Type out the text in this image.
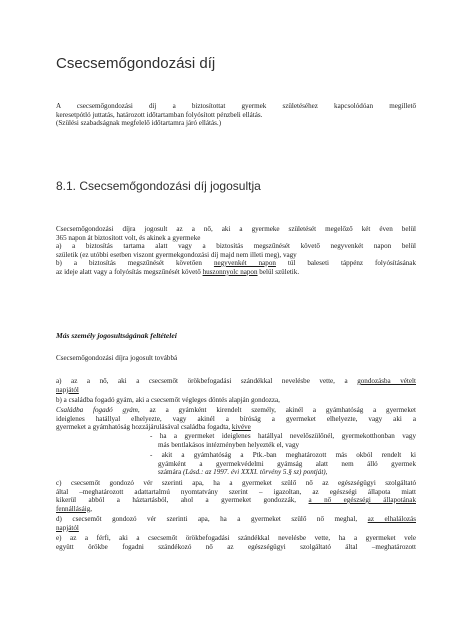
Csecsemőgondozási díj
A csecsemőgondozási díj a biztosítottat gyermek születéséhez kapcsolódóan megillető
keresetpótló juttatás, határozott időtartamban folyósított pénzbeli ellátás.
(Szülési szabadságnak megfelelő időtartamra járó ellátás.)
8.1. Csecsemőgondozási díj jogosultja
Csecsemőgondozási díjra jogosult az a nő, aki a gyermeke születését megelőző két éven belül
365 napon át biztosított volt, és akinek a gyermeke
a) a biztosítás tartama alatt vagy a biztosítás megszűnését követő negyvenkét napon belül
születik (ez utóbbi esetben viszont gyermekgondozási díj majd nem illeti meg), vagy
b) a biztosítás megszűnését követően negyvenkét napon túl baleseti táppénz folyósításának
az ideje alatt vagy a folyósítás megszűnését követő huszonnyolc napon belül születik.
Más személy jogosultságának feltételei
Csecsemőgondozási díjra jogosult továbbá
a) az a nő, aki a csecsemőt örökbefogadási szándékkal nevelésbe vette, a gondozásba vételt
napjától
b) a családba fogadó gyám, aki a csecsemőt végleges döntés alapján gondozza,
Családba fogadó gyám, az a gyámként kirendelt személy, akinél a gyámhatóság a gyermeket
ideiglenes hatállyal elhelyezte, vagy akinél a bíróság a gyermeket elhelyezte, vagy aki a
gyermeket a gyámhatóság hozzájárulásával családba fogadta, kivéve
- ha a gyermeket ideiglenes hatállyal nevelőszülőnél, gyermekotthonban vagy
más bentlakásos intézményben helyezték el, vagy
- akit a gyámhatóság a Ptk.-ban meghatározott más okból rendelt ki
gyámként a gyermekvédelmi gyámság alatt nem álló gyermek
számára (Lásd.: az 1997. évi XXXI. törvény 5.§ sz) pontját),
c) csecsemőt gondozó vér szerinti apa, ha a gyermeket szülő nő az egészségügyi szolgáltató
által –meghatározott adattartalmú nyomtatvány szerint – igazoltan, az egészségi állapota miatt
kikerül abból a háztartásból, ahol a gyermeket gondozzák, a nő egészségi állapotának
fennállásáig,
d) csecsemőt gondozó vér szerinti apa, ha a gyermeket szülő nő meghal, az elhalálozás
napjától
e) az a férfi, aki a csecsemőt örökbefogadási szándékkal nevelésbe vette, ha a gyermeket vele
együtt örökbe fogadni szándékozó nő az egészségügyi szolgáltató által –meghatározott
